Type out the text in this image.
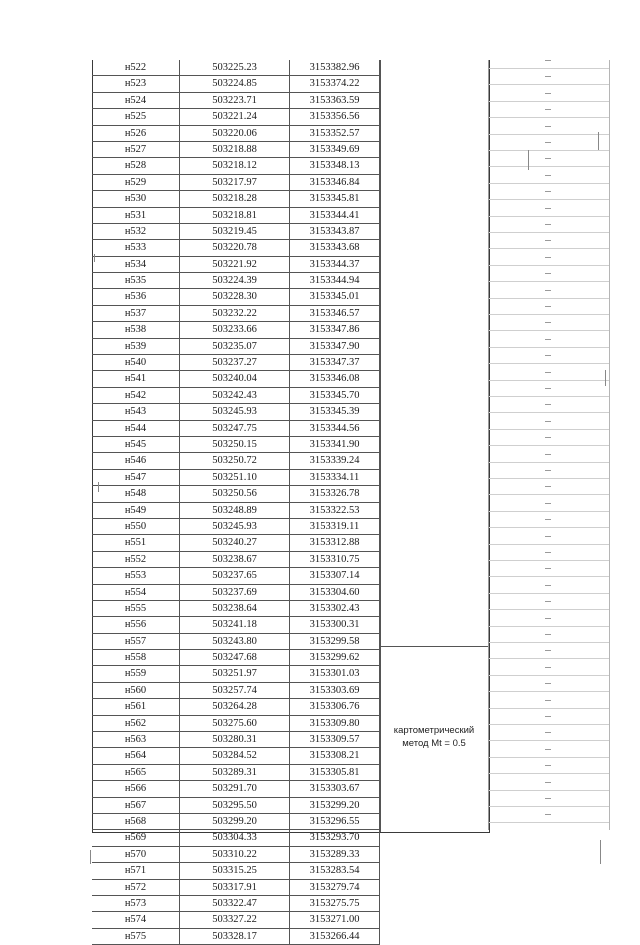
н522	503225.23	3153382.96
н523	503224.85	3153374.22
н524	503223.71	3153363.59
н525	503221.24	3153356.56
н526	503220.06	3153352.57
н527	503218.88	3153349.69
н528	503218.12	3153348.13
н529	503217.97	3153346.84
н530	503218.28	3153345.81
н531	503218.81	3153344.41
н532	503219.45	3153343.87
н533	503220.78	3153343.68
н534	503221.92	3153344.37
н535	503224.39	3153344.94
н536	503228.30	3153345.01
н537	503232.22	3153346.57
н538	503233.66	3153347.86
н539	503235.07	3153347.90
н540	503237.27	3153347.37
н541	503240.04	3153346.08
н542	503242.43	3153345.70
н543	503245.93	3153345.39
н544	503247.75	3153344.56
н545	503250.15	3153341.90
н546	503250.72	3153339.24
н547	503251.10	3153334.11
н548	503250.56	3153326.78
н549	503248.89	3153322.53
н550	503245.93	3153319.11
н551	503240.27	3153312.88
н552	503238.67	3153310.75
н553	503237.65	3153307.14
н554	503237.69	3153304.60
н555	503238.64	3153302.43
н556	503241.18	3153300.31
н557	503243.80	3153299.58
н558	503247.68	3153299.62
н559	503251.97	3153301.03
н560	503257.74	3153303.69
н561	503264.28	3153306.76
н562	503275.60	3153309.80
н563	503280.31	3153309.57
н564	503284.52	3153308.21
н565	503289.31	3153305.81
н566	503291.70	3153303.67
н567	503295.50	3153299.20
н568	503299.20	3153296.55
н569	503304.33	3153293.70
н570	503310.22	3153289.33
н571	503315.25	3153283.54
н572	503317.91	3153279.74
н573	503322.47	3153275.75
н574	503327.22	3153271.00
н575	503328.17	3153266.44
картометрический
метод Mt = 0.5
